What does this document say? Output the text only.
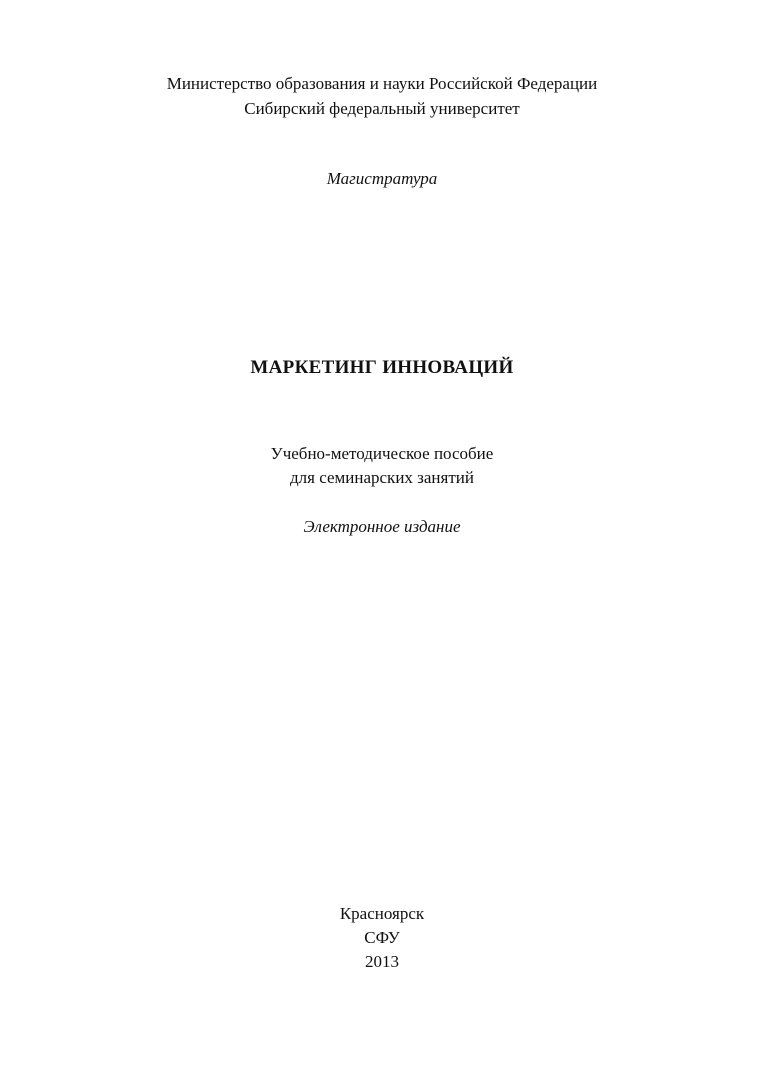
Министерство образования и науки Российской Федерации
Сибирский федеральный университет
Магистратура
МАРКЕТИНГ ИННОВАЦИЙ
Учебно-методическое пособие
для семинарских занятий
Электронное издание
Красноярск
СФУ
2013
